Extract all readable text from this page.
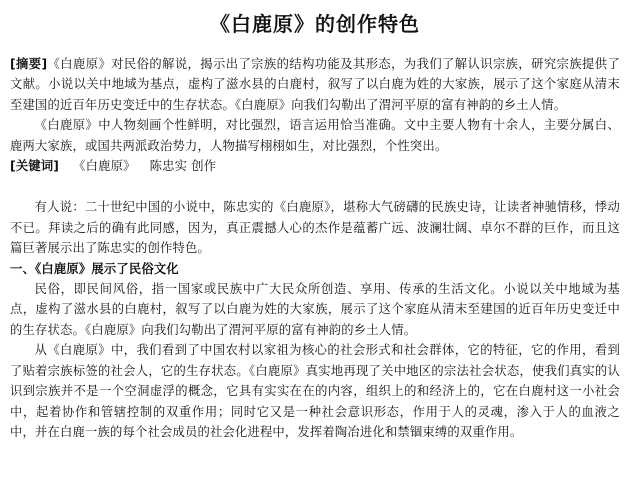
《白鹿原》的创作特色

[摘要]《白鹿原》对民俗的解说，揭示出了宗族的结构功能及其形态，为我们了解认识宗族，研究宗族提供了文献。小说以关中地域为基点，虚构了滋水县的白鹿村，叙写了以白鹿为姓的大家族，展示了这个家庭从清末至建国的近百年历史变迁中的生存状态。《白鹿原》向我们勾勒出了渭河平原的富有神韵的乡土人情。

《白鹿原》中人物刻画个性鲜明，对比强烈，语言运用恰当准确。文中主要人物有十余人，主要分属白、鹿两大家族，或国共两派政治势力，人物描写栩栩如生，对比强烈，个性突出。

[关键词] 《白鹿原》 陈忠实 创作

有人说：二十世纪中国的小说中，陈忠实的《白鹿原》，堪称大气磅礴的民族史诗，让读者神驰情移，悸动不已。拜读之后的确有此同感，因为，真正震撼人心的杰作是蕴蓄广远、波澜壮阔、卓尔不群的巨作，而且这篇巨著展示出了陈忠实的创作特色。

一、《白鹿原》展示了民俗文化

民俗，即民间风俗，指一国家或民族中广大民众所创造、享用、传承的生活文化。小说以关中地域为基点，虚构了滋水县的白鹿村，叙写了以白鹿为姓的大家族，展示了这个家庭从清末至建国的近百年历史变迁中的生存状态。《白鹿原》向我们勾勒出了渭河平原的富有神韵的乡土人情。

从《白鹿原》中，我们看到了中国农村以家祖为核心的社会形式和社会群体，它的特征，它的作用，看到了贴着宗族标签的社会人，它的生存状态。《白鹿原》真实地再现了关中地区的宗法社会状态，使我们真实的认识到宗族并不是一个空洞虚浮的概念，它具有实实在在的内容，组织上的和经济上的，它在白鹿村这一小社会中，起着协作和管辖控制的双重作用；同时它又是一种社会意识形态，作用于人的灵魂，渗入于人的血液之中，并在白鹿一族的每个社会成员的社会化进程中，发挥着陶冶进化和禁锢束缚的双重作用。
